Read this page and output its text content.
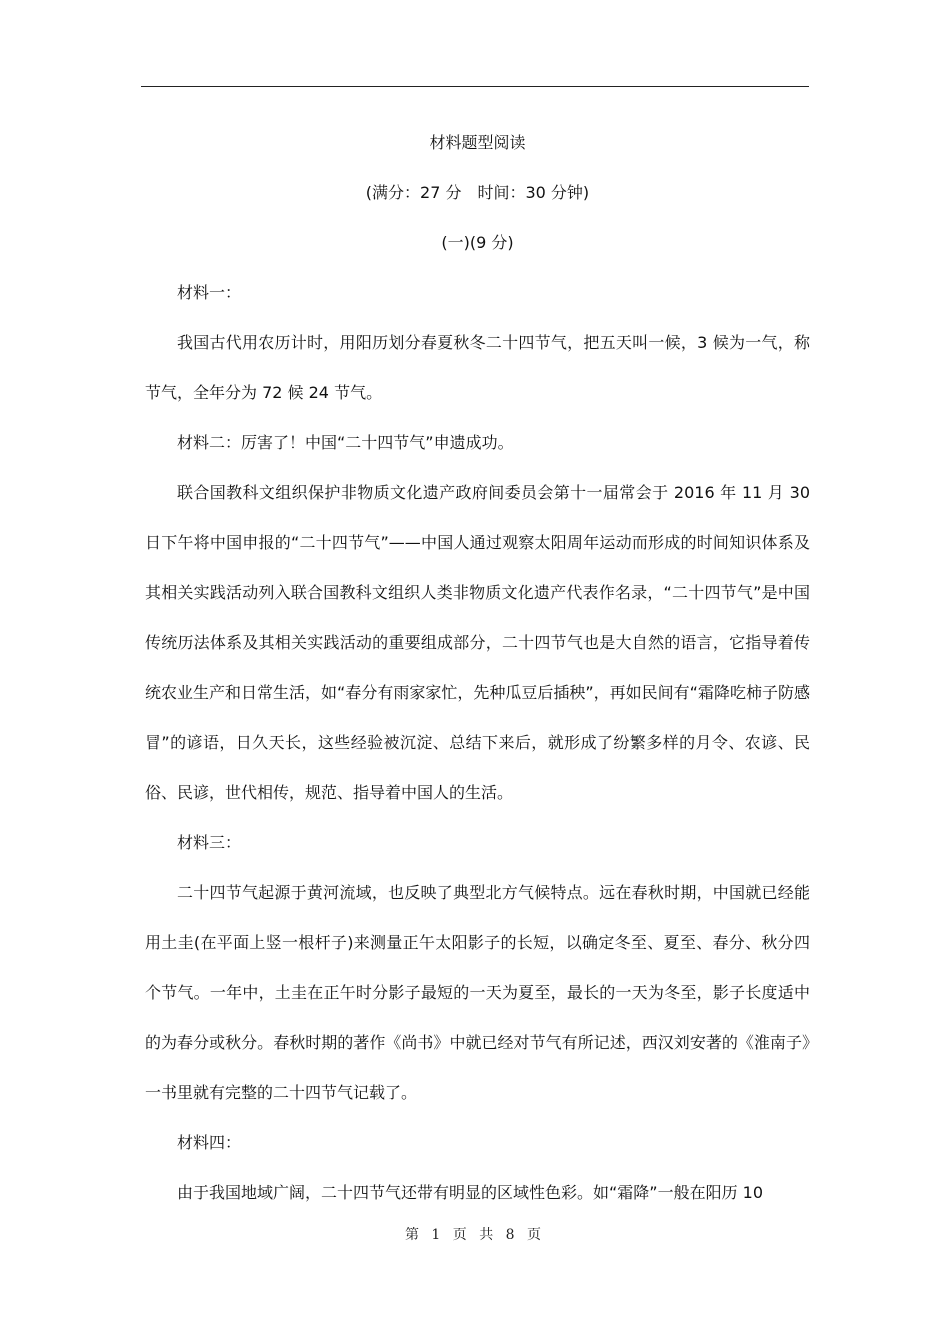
材料题型阅读

(满分：27 分　时间：30 分钟)

(一)(9 分)

材料一：

我国古代用农历计时，用阳历划分春夏秋冬二十四节气，把五天叫一候，3 候为一气，称节气，全年分为 72 候 24 节气。

材料二：厉害了！中国“二十四节气”申遗成功。

联合国教科文组织保护非物质文化遗产政府间委员会第十一届常会于 2016 年 11 月 30 日下午将中国申报的“二十四节气”——中国人通过观察太阳周年运动而形成的时间知识体系及其相关实践活动列入联合国教科文组织人类非物质文化遗产代表作名录，“二十四节气”是中国传统历法体系及其相关实践活动的重要组成部分，二十四节气也是大自然的语言，它指导着传统农业生产和日常生活，如“春分有雨家家忙，先种瓜豆后插秧”，再如民间有“霜降吃柿子防感冒”的谚语，日久天长，这些经验被沉淀、总结下来后，就形成了纷繁多样的月令、农谚、民俗、民谚，世代相传，规范、指导着中国人的生活。

材料三：

二十四节气起源于黄河流域，也反映了典型北方气候特点。远在春秋时期，中国就已经能用土圭(在平面上竖一根杆子)来测量正午太阳影子的长短，以确定冬至、夏至、春分、秋分四个节气。一年中，土圭在正午时分影子最短的一天为夏至，最长的一天为冬至，影子长度适中的为春分或秋分。春秋时期的著作《尚书》中就已经对节气有所记述，西汉刘安著的《淮南子》一书里就有完整的二十四节气记载了。

材料四：

由于我国地域广阔，二十四节气还带有明显的区域性色彩。如“霜降”一般在阳历 10

第 1 页 共 8 页
